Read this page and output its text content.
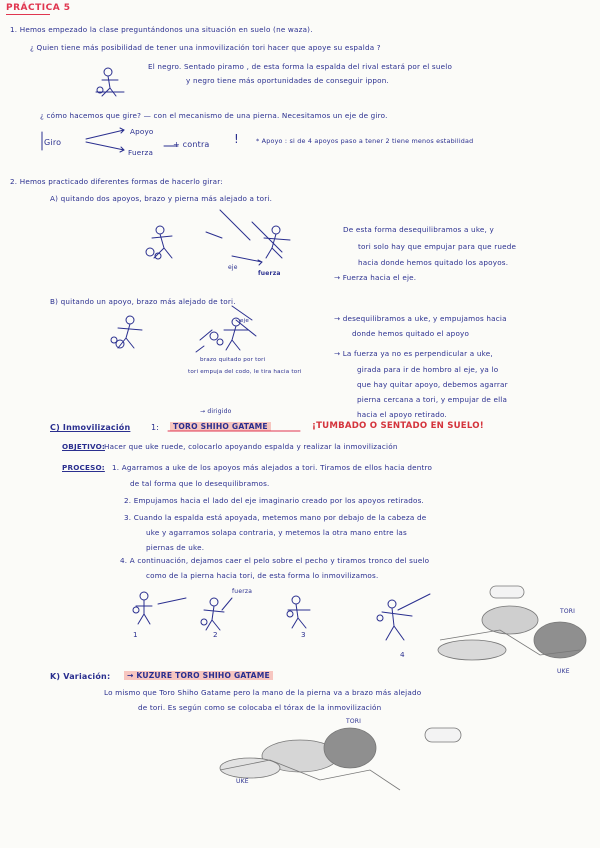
PRÁCTICA 5
1. Hemos empezado la clase preguntándonos una situación en suelo (ne waza).
¿ Quien tiene más posibilidad de tener una inmovilización tori hacer que apoye su espalda ?
El negro. Sentado piramo , de esta forma la espalda del rival estará por el suelo
y negro tiene más oportunidades de conseguir ippon.
¿ cómo hacemos que gire? — con el mecanismo de una pierna. Necesitamos un eje de giro.
Giro
Apoyo
Fuerza
+ contra !	* Apoyo : si de 4 apoyos paso a tener 2 tiene menos estabilidad
2. Hemos practicado diferentes formas de hacerlo girar:
A) quitando dos apoyos, brazo y pierna más alejado a tori.
De esta forma desequilibramos a uke, y
tori solo hay que empujar para que ruede
hacia donde hemos quitado los apoyos.
→ Fuerza hacia el eje.
eje
fuerza
B) quitando un apoyo, brazo más alejado de tori.
→ desequilibramos a uke, y empujamos hacia
donde hemos quitado el apoyo
→ La fuerza ya no es perpendicular a uke,
girada para ir de hombro al eje, ya lo
que hay quitar apoyo, debemos agarrar
pierna cercana a tori, y empujar de ella
hacia el apoyo retirado.
brazo quitado por tori
eje
tori empuja del codo, le tira hacia tori
C) Inmovilización	1:	TORO SHIHO GATAME
→ dirigido
¡TUMBADO O SENTADO EN SUELO!
OBJETIVO: Hacer que uke ruede, colocarlo apoyando espalda y realizar la inmovilización
PROCESO: 1. Agarramos a uke de los apoyos más alejados a tori. Tiramos de ellos hacia dentro
de tal forma que lo desequilibramos.
2. Empujamos hacia el lado del eje imaginario creado por los apoyos retirados.
3. Cuando la espalda está apoyada, metemos mano por debajo de la cabeza de
uke y agarramos solapa contraria, y metemos la otra mano entre las
piernas de uke.
4. A continuación, dejamos caer el pelo sobre el pecho y tiramos tronco del suelo
como de la pierna hacia tori, de esta forma lo inmovilizamos.
fuerza
1	2	3
4
TORI
UKE
K) Variación:	→ KUZURE TORO SHIHO GATAME
Lo mismo que Toro Shiho Gatame pero la mano de la pierna va a brazo más alejado
de tori. Es según como se colocaba el tórax de la inmovilización
TORI
UKE
